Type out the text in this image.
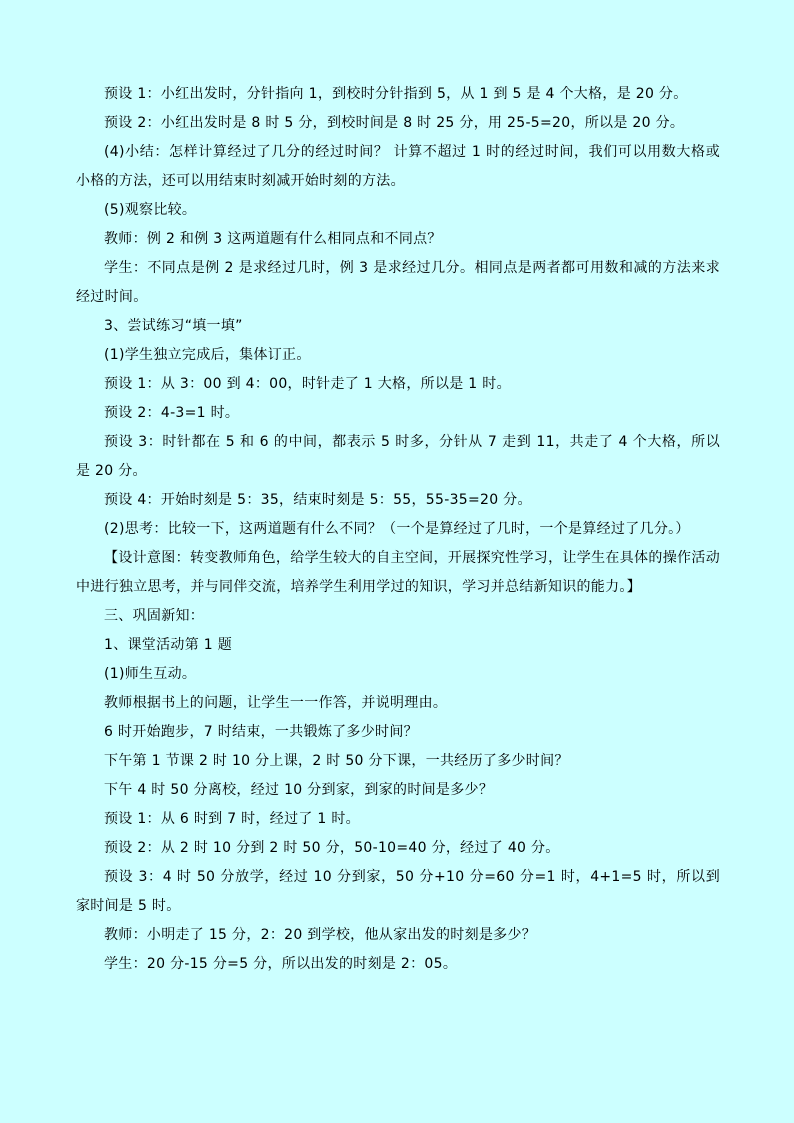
预设 1：小红出发时，分针指向 1，到校时分针指到 5，从 1 到 5 是 4 个大格，是 20 分。

预设 2：小红出发时是 8 时 5 分，到校时间是 8 时 25 分，用 25-5=20，所以是 20 分。

(4)小结：怎样计算经过了几分的经过时间？ 计算不超过 1 时的经过时间，我们可以用数大格或小格的方法，还可以用结束时刻减开始时刻的方法。

(5)观察比较。

教师：例 2 和例 3 这两道题有什么相同点和不同点？

学生：不同点是例 2 是求经过几时，例 3 是求经过几分。相同点是两者都可用数和减的方法来求经过时间。

3、尝试练习“填一填”

(1)学生独立完成后，集体订正。

预设 1：从 3：00 到 4：00，时针走了 1 大格，所以是 1 时。

预设 2：4-3=1 时。

预设 3：时针都在 5 和 6 的中间，都表示 5 时多，分针从 7 走到 11，共走了 4 个大格，所以是 20 分。

预设 4：开始时刻是 5：35，结束时刻是 5：55，55-35=20 分。

(2)思考：比较一下，这两道题有什么不同？（一个是算经过了几时，一个是算经过了几分。）

【设计意图：转变教师角色，给学生较大的自主空间，开展探究性学习，让学生在具体的操作活动中进行独立思考，并与同伴交流，培养学生利用学过的知识，学习并总结新知识的能力。】

三、巩固新知：

1、课堂活动第 1 题

(1)师生互动。

教师根据书上的问题，让学生一一作答，并说明理由。

6 时开始跑步，7 时结束，一共锻炼了多少时间？

下午第 1 节课 2 时 10 分上课，2 时 50 分下课，一共经历了多少时间？

下午 4 时 50 分离校，经过 10 分到家，到家的时间是多少？

预设 1：从 6 时到 7 时，经过了 1 时。

预设 2：从 2 时 10 分到 2 时 50 分，50-10=40 分，经过了 40 分。

预设 3：4 时 50 分放学，经过 10 分到家，50 分+10 分=60 分=1 时，4+1=5 时，所以到家时间是 5 时。

教师：小明走了 15 分，2：20 到学校，他从家出发的时刻是多少？

学生：20 分-15 分=5 分，所以出发的时刻是 2：05。
